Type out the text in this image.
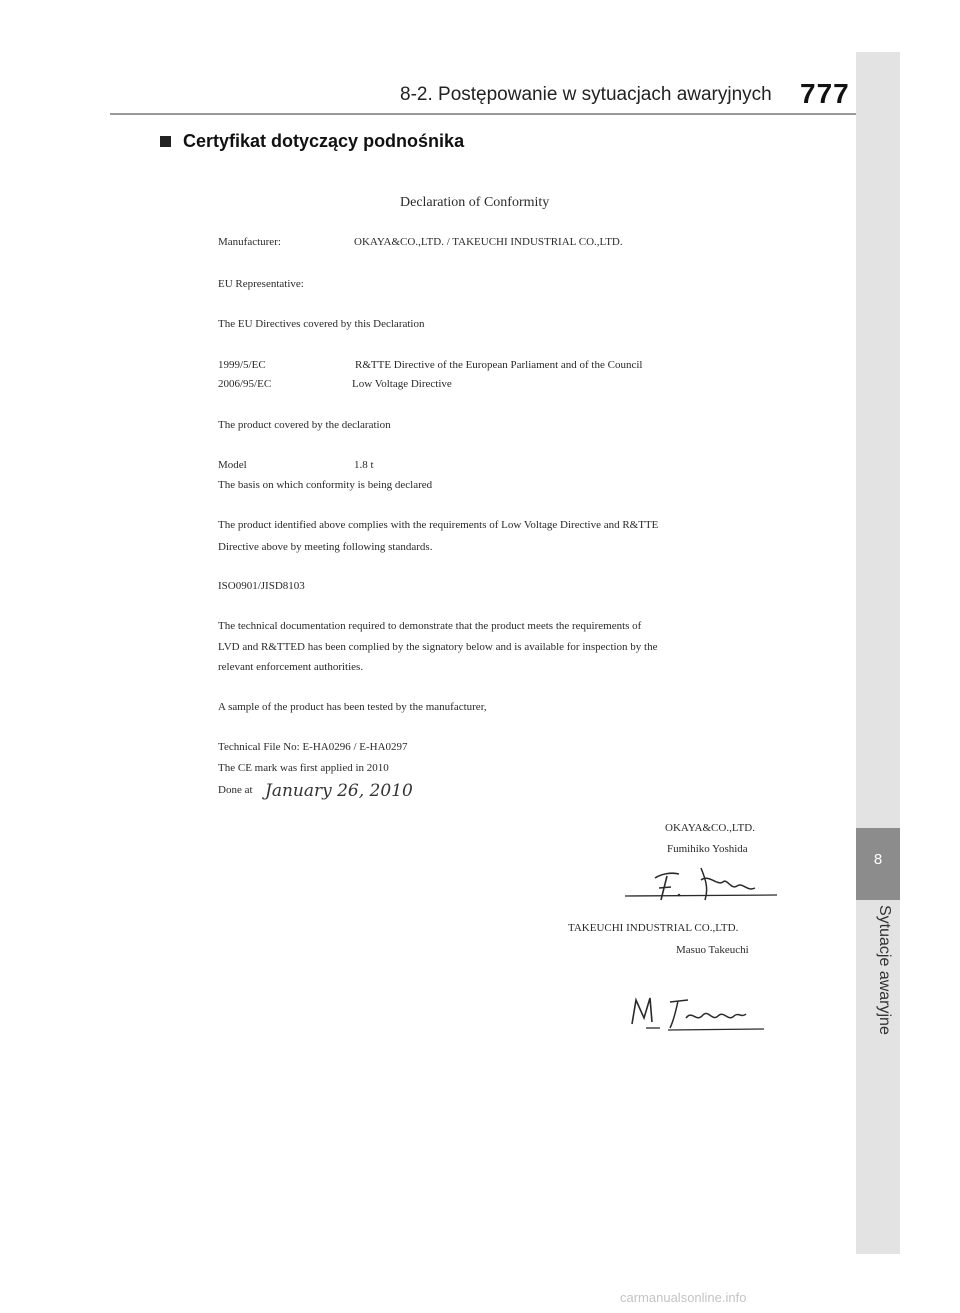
8-2. Postępowanie w sytuacjach awaryjnych 777
8
Sytuacje awaryjne
Certyfikat dotyczący podnośnika
Declaration of Conformity
Manufacturer:	OKAYA&CO.,LTD. / TAKEUCHI INDUSTRIAL CO.,LTD.
EU Representative:
The EU Directives covered by this Declaration
1999/5/EC	R&TTE Directive of the European Parliament and of the Council
2006/95/EC	Low Voltage Directive
The product covered by the declaration
Model	1.8 t
The basis on which conformity is being declared
The product identified above complies with the requirements of Low Voltage Directive and R&TTE
Directive above by meeting following standards.
ISO0901/JISD8103
The technical documentation required to demonstrate that the product meets the requirements of
LVD and R&TTED has been complied by the signatory below and is available for inspection by the
relevant enforcement authorities.
A sample of the product has been tested by the manufacturer,
Technical File No: E-HA0296 / E-HA0297
The CE mark was first applied in 2010
Done at January 26, 2010
OKAYA&CO.,LTD.
Fumihiko Yoshida
TAKEUCHI INDUSTRIAL CO.,LTD.
Masuo Takeuchi
carmanualsonline.info
